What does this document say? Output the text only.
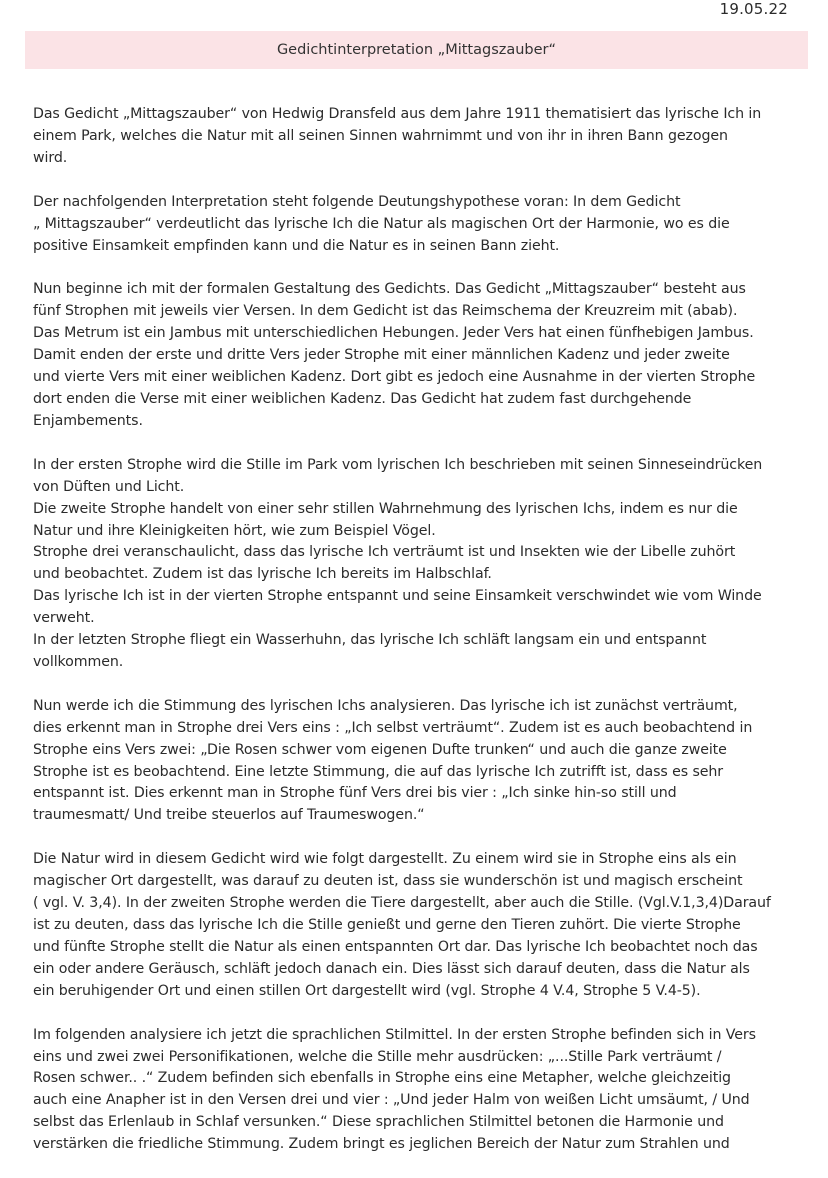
19.05.22
Gedichtinterpretation „Mittagszauber“
Das Gedicht „Mittagszauber“ von Hedwig Dransfeld aus dem Jahre 1911 thematisiert das lyrische Ich in
einem Park, welches die Natur mit all seinen Sinnen wahrnimmt und von ihr in ihren Bann gezogen
wird.
Der nachfolgenden Interpretation steht folgende Deutungshypothese voran: In dem Gedicht
„ Mittagszauber“ verdeutlicht das lyrische Ich die Natur als magischen Ort der Harmonie, wo es die
positive Einsamkeit empfinden kann und die Natur es in seinen Bann zieht.
Nun beginne ich mit der formalen Gestaltung des Gedichts. Das Gedicht „Mittagszauber“ besteht aus
fünf Strophen mit jeweils vier Versen. In dem Gedicht ist das Reimschema der Kreuzreim mit (abab).
Das Metrum ist ein Jambus mit unterschiedlichen Hebungen. Jeder Vers hat einen fünfhebigen Jambus.
Damit enden der erste und dritte Vers jeder Strophe mit einer männlichen Kadenz und jeder zweite
und vierte Vers mit einer weiblichen Kadenz. Dort gibt es jedoch eine Ausnahme in der vierten Strophe
dort enden die Verse mit einer weiblichen Kadenz. Das Gedicht hat zudem fast durchgehende
Enjambements.
In der ersten Strophe wird die Stille im Park vom lyrischen Ich beschrieben mit seinen Sinneseindrücken
von Düften und Licht.
Die zweite Strophe handelt von einer sehr stillen Wahrnehmung des lyrischen Ichs, indem es nur die
Natur und ihre Kleinigkeiten hört, wie zum Beispiel Vögel.
Strophe drei veranschaulicht, dass das lyrische Ich verträumt ist und Insekten wie der Libelle zuhört
und beobachtet. Zudem ist das lyrische Ich bereits im Halbschlaf.
Das lyrische Ich ist in der vierten Strophe entspannt und seine Einsamkeit verschwindet wie vom Winde
verweht.
In der letzten Strophe fliegt ein Wasserhuhn, das lyrische Ich schläft langsam ein und entspannt
vollkommen.
Nun werde ich die Stimmung des lyrischen Ichs analysieren. Das lyrische ich ist zunächst verträumt,
dies erkennt man in Strophe drei Vers eins : „Ich selbst verträumt“. Zudem ist es auch beobachtend in
Strophe eins Vers zwei: „Die Rosen schwer vom eigenen Dufte trunken“ und auch die ganze zweite
Strophe ist es beobachtend. Eine letzte Stimmung, die auf das lyrische Ich zutrifft ist, dass es sehr
entspannt ist. Dies erkennt man in Strophe fünf Vers drei bis vier : „Ich sinke hin-so still und
traumesmatt/ Und treibe steuerlos auf Traumeswogen.“
Die Natur wird in diesem Gedicht wird wie folgt dargestellt. Zu einem wird sie in Strophe eins als ein
magischer Ort dargestellt, was darauf zu deuten ist, dass sie wunderschön ist und magisch erscheint
( vgl. V. 3,4). In der zweiten Strophe werden die Tiere dargestellt, aber auch die Stille. (Vgl.V.1,3,4)Darauf
ist zu deuten, dass das lyrische Ich die Stille genießt und gerne den Tieren zuhört. Die vierte Strophe
und fünfte Strophe stellt die Natur als einen entspannten Ort dar. Das lyrische Ich beobachtet noch das
ein oder andere Geräusch, schläft jedoch danach ein. Dies lässt sich darauf deuten, dass die Natur als
ein beruhigender Ort und einen stillen Ort dargestellt wird (vgl. Strophe 4 V.4, Strophe 5 V.4-5).
Im folgenden analysiere ich jetzt die sprachlichen Stilmittel. In der ersten Strophe befinden sich in Vers
eins und zwei zwei Personifikationen, welche die Stille mehr ausdrücken: „...Stille Park verträumt /
Rosen schwer.. .“ Zudem befinden sich ebenfalls in Strophe eins eine Metapher, welche gleichzeitig
auch eine Anapher ist in den Versen drei und vier : „Und jeder Halm von weißen Licht umsäumt, / Und
selbst das Erlenlaub in Schlaf versunken.“ Diese sprachlichen Stilmittel betonen die Harmonie und
verstärken die friedliche Stimmung. Zudem bringt es jeglichen Bereich der Natur zum Strahlen und
